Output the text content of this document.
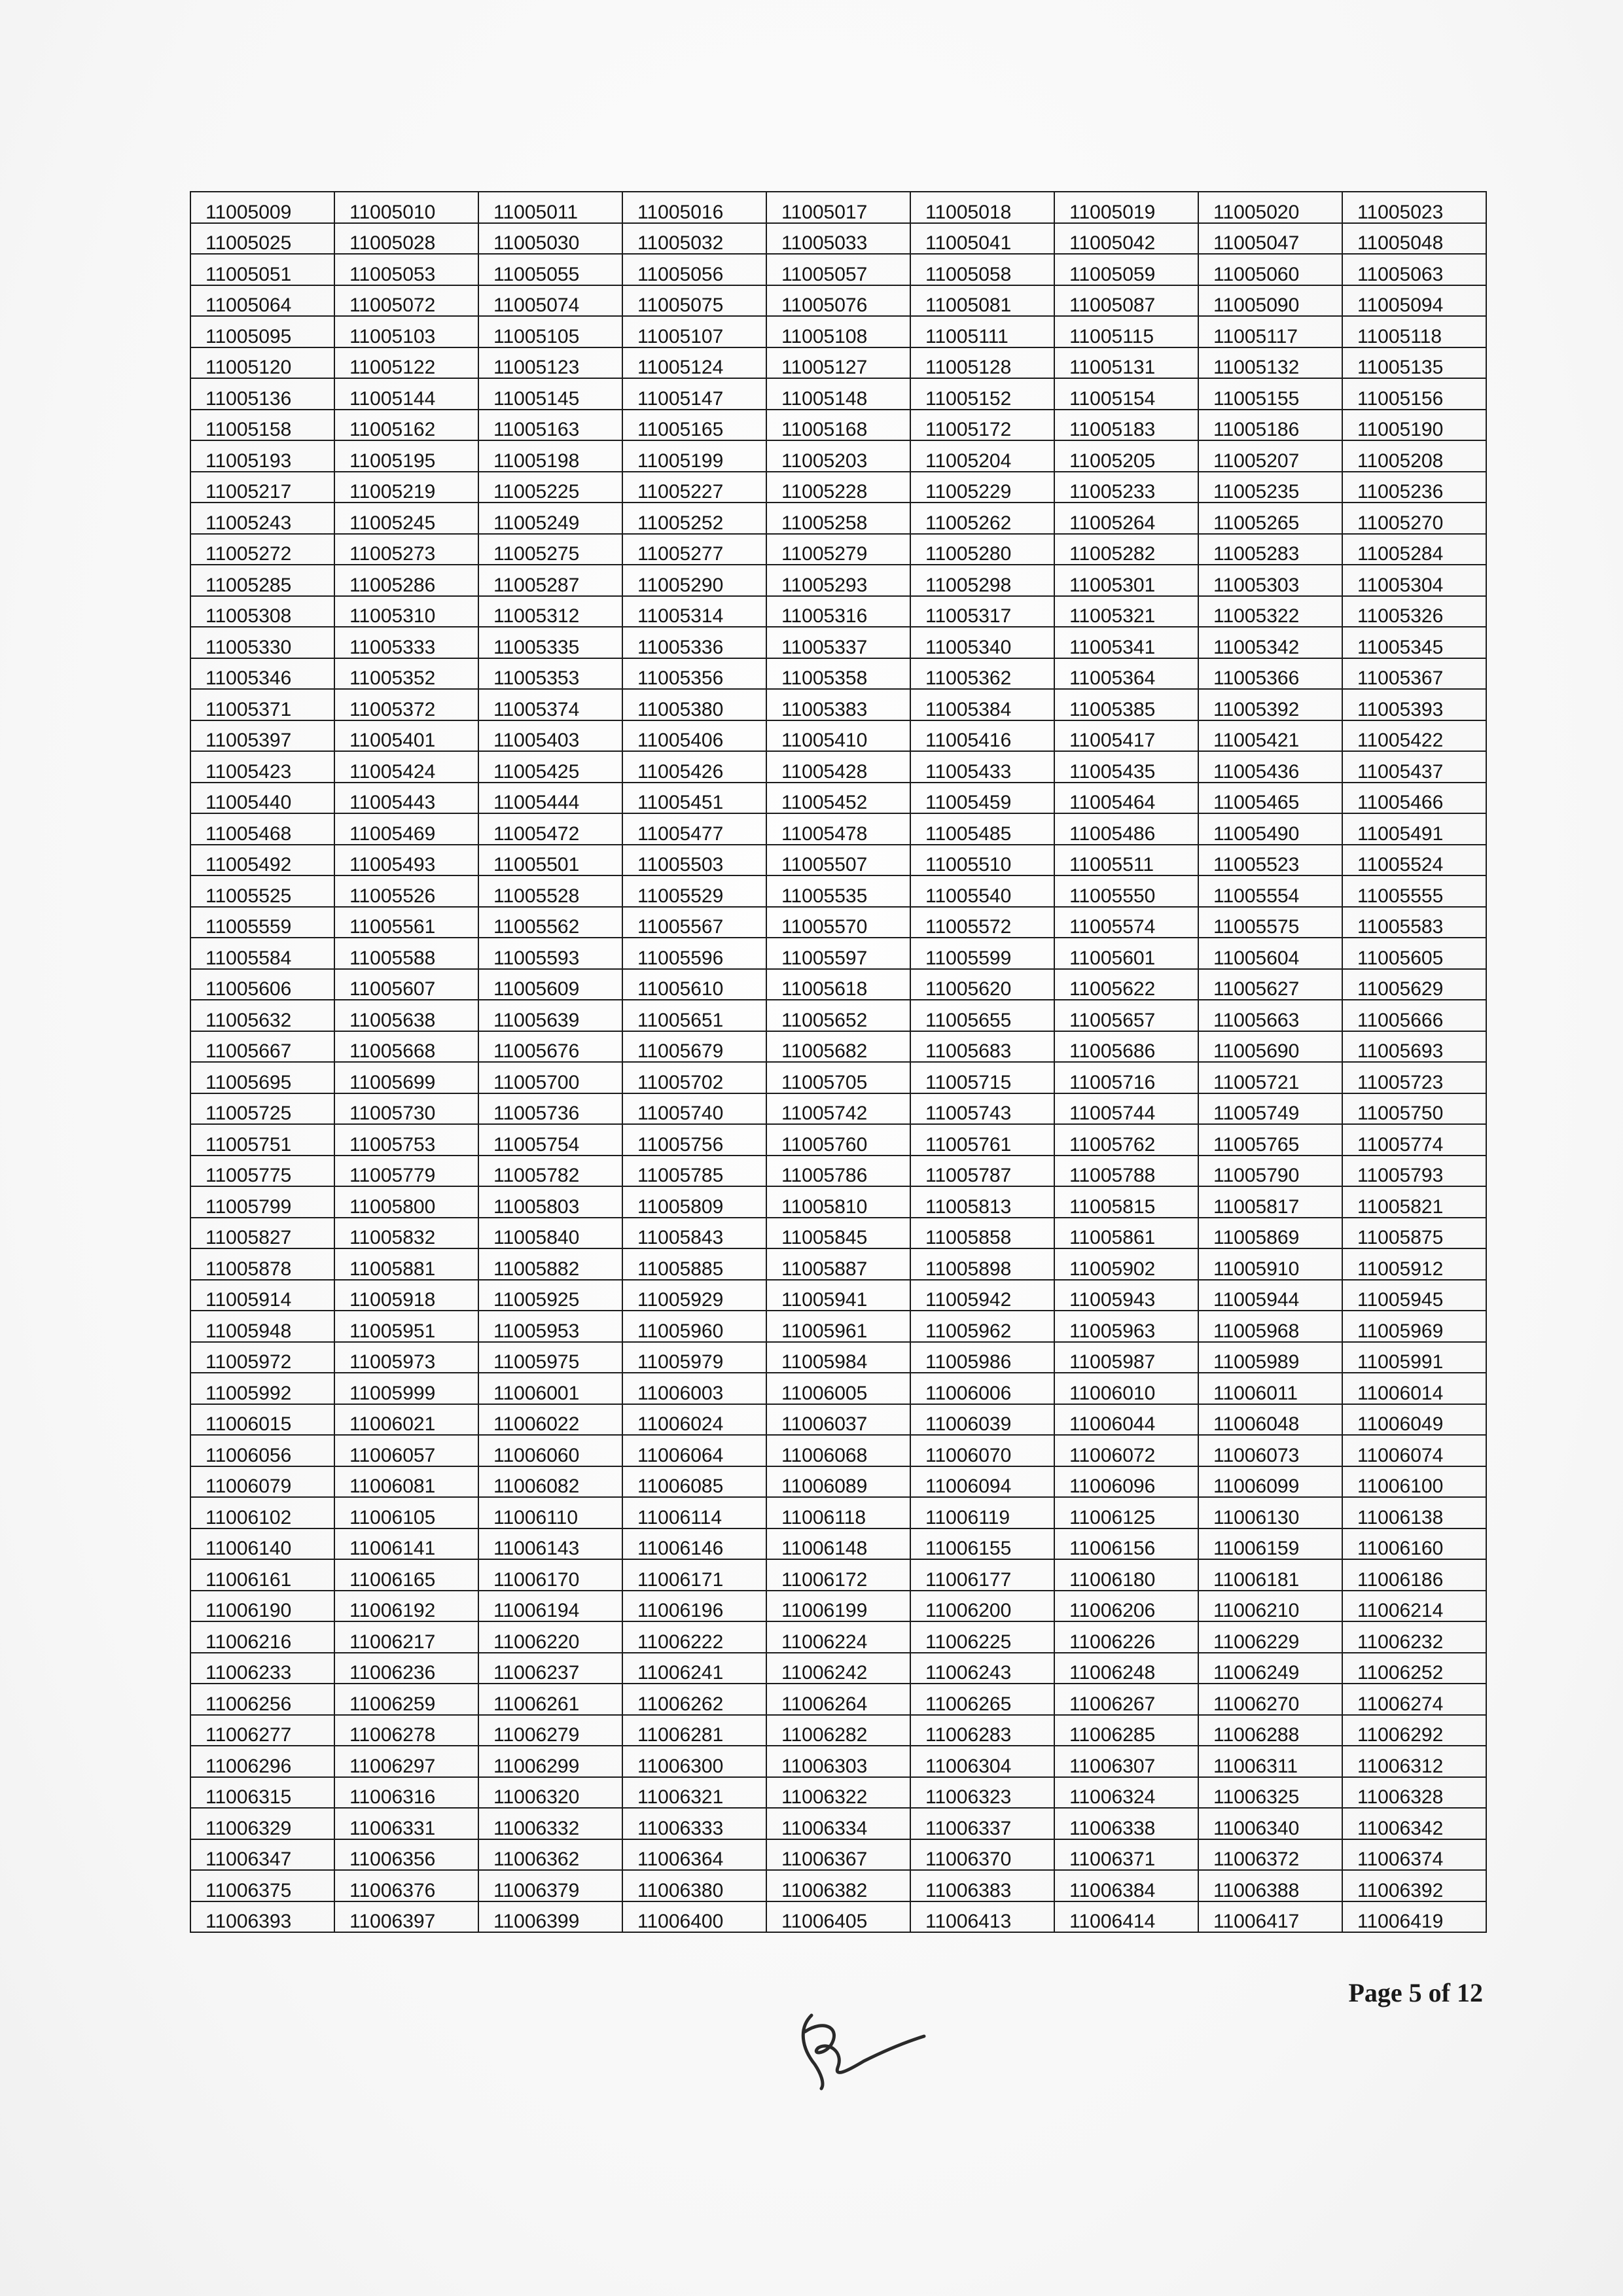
11005009	11005010	11005011	11005016	11005017	11005018	11005019	11005020	11005023
11005025	11005028	11005030	11005032	11005033	11005041	11005042	11005047	11005048
11005051	11005053	11005055	11005056	11005057	11005058	11005059	11005060	11005063
11005064	11005072	11005074	11005075	11005076	11005081	11005087	11005090	11005094
11005095	11005103	11005105	11005107	11005108	11005111	11005115	11005117	11005118
11005120	11005122	11005123	11005124	11005127	11005128	11005131	11005132	11005135
11005136	11005144	11005145	11005147	11005148	11005152	11005154	11005155	11005156
11005158	11005162	11005163	11005165	11005168	11005172	11005183	11005186	11005190
11005193	11005195	11005198	11005199	11005203	11005204	11005205	11005207	11005208
11005217	11005219	11005225	11005227	11005228	11005229	11005233	11005235	11005236
11005243	11005245	11005249	11005252	11005258	11005262	11005264	11005265	11005270
11005272	11005273	11005275	11005277	11005279	11005280	11005282	11005283	11005284
11005285	11005286	11005287	11005290	11005293	11005298	11005301	11005303	11005304
11005308	11005310	11005312	11005314	11005316	11005317	11005321	11005322	11005326
11005330	11005333	11005335	11005336	11005337	11005340	11005341	11005342	11005345
11005346	11005352	11005353	11005356	11005358	11005362	11005364	11005366	11005367
11005371	11005372	11005374	11005380	11005383	11005384	11005385	11005392	11005393
11005397	11005401	11005403	11005406	11005410	11005416	11005417	11005421	11005422
11005423	11005424	11005425	11005426	11005428	11005433	11005435	11005436	11005437
11005440	11005443	11005444	11005451	11005452	11005459	11005464	11005465	11005466
11005468	11005469	11005472	11005477	11005478	11005485	11005486	11005490	11005491
11005492	11005493	11005501	11005503	11005507	11005510	11005511	11005523	11005524
11005525	11005526	11005528	11005529	11005535	11005540	11005550	11005554	11005555
11005559	11005561	11005562	11005567	11005570	11005572	11005574	11005575	11005583
11005584	11005588	11005593	11005596	11005597	11005599	11005601	11005604	11005605
11005606	11005607	11005609	11005610	11005618	11005620	11005622	11005627	11005629
11005632	11005638	11005639	11005651	11005652	11005655	11005657	11005663	11005666
11005667	11005668	11005676	11005679	11005682	11005683	11005686	11005690	11005693
11005695	11005699	11005700	11005702	11005705	11005715	11005716	11005721	11005723
11005725	11005730	11005736	11005740	11005742	11005743	11005744	11005749	11005750
11005751	11005753	11005754	11005756	11005760	11005761	11005762	11005765	11005774
11005775	11005779	11005782	11005785	11005786	11005787	11005788	11005790	11005793
11005799	11005800	11005803	11005809	11005810	11005813	11005815	11005817	11005821
11005827	11005832	11005840	11005843	11005845	11005858	11005861	11005869	11005875
11005878	11005881	11005882	11005885	11005887	11005898	11005902	11005910	11005912
11005914	11005918	11005925	11005929	11005941	11005942	11005943	11005944	11005945
11005948	11005951	11005953	11005960	11005961	11005962	11005963	11005968	11005969
11005972	11005973	11005975	11005979	11005984	11005986	11005987	11005989	11005991
11005992	11005999	11006001	11006003	11006005	11006006	11006010	11006011	11006014
11006015	11006021	11006022	11006024	11006037	11006039	11006044	11006048	11006049
11006056	11006057	11006060	11006064	11006068	11006070	11006072	11006073	11006074
11006079	11006081	11006082	11006085	11006089	11006094	11006096	11006099	11006100
11006102	11006105	11006110	11006114	11006118	11006119	11006125	11006130	11006138
11006140	11006141	11006143	11006146	11006148	11006155	11006156	11006159	11006160
11006161	11006165	11006170	11006171	11006172	11006177	11006180	11006181	11006186
11006190	11006192	11006194	11006196	11006199	11006200	11006206	11006210	11006214
11006216	11006217	11006220	11006222	11006224	11006225	11006226	11006229	11006232
11006233	11006236	11006237	11006241	11006242	11006243	11006248	11006249	11006252
11006256	11006259	11006261	11006262	11006264	11006265	11006267	11006270	11006274
11006277	11006278	11006279	11006281	11006282	11006283	11006285	11006288	11006292
11006296	11006297	11006299	11006300	11006303	11006304	11006307	11006311	11006312
11006315	11006316	11006320	11006321	11006322	11006323	11006324	11006325	11006328
11006329	11006331	11006332	11006333	11006334	11006337	11006338	11006340	11006342
11006347	11006356	11006362	11006364	11006367	11006370	11006371	11006372	11006374
11006375	11006376	11006379	11006380	11006382	11006383	11006384	11006388	11006392
11006393	11006397	11006399	11006400	11006405	11006413	11006414	11006417	11006419
Page 5 of 12
